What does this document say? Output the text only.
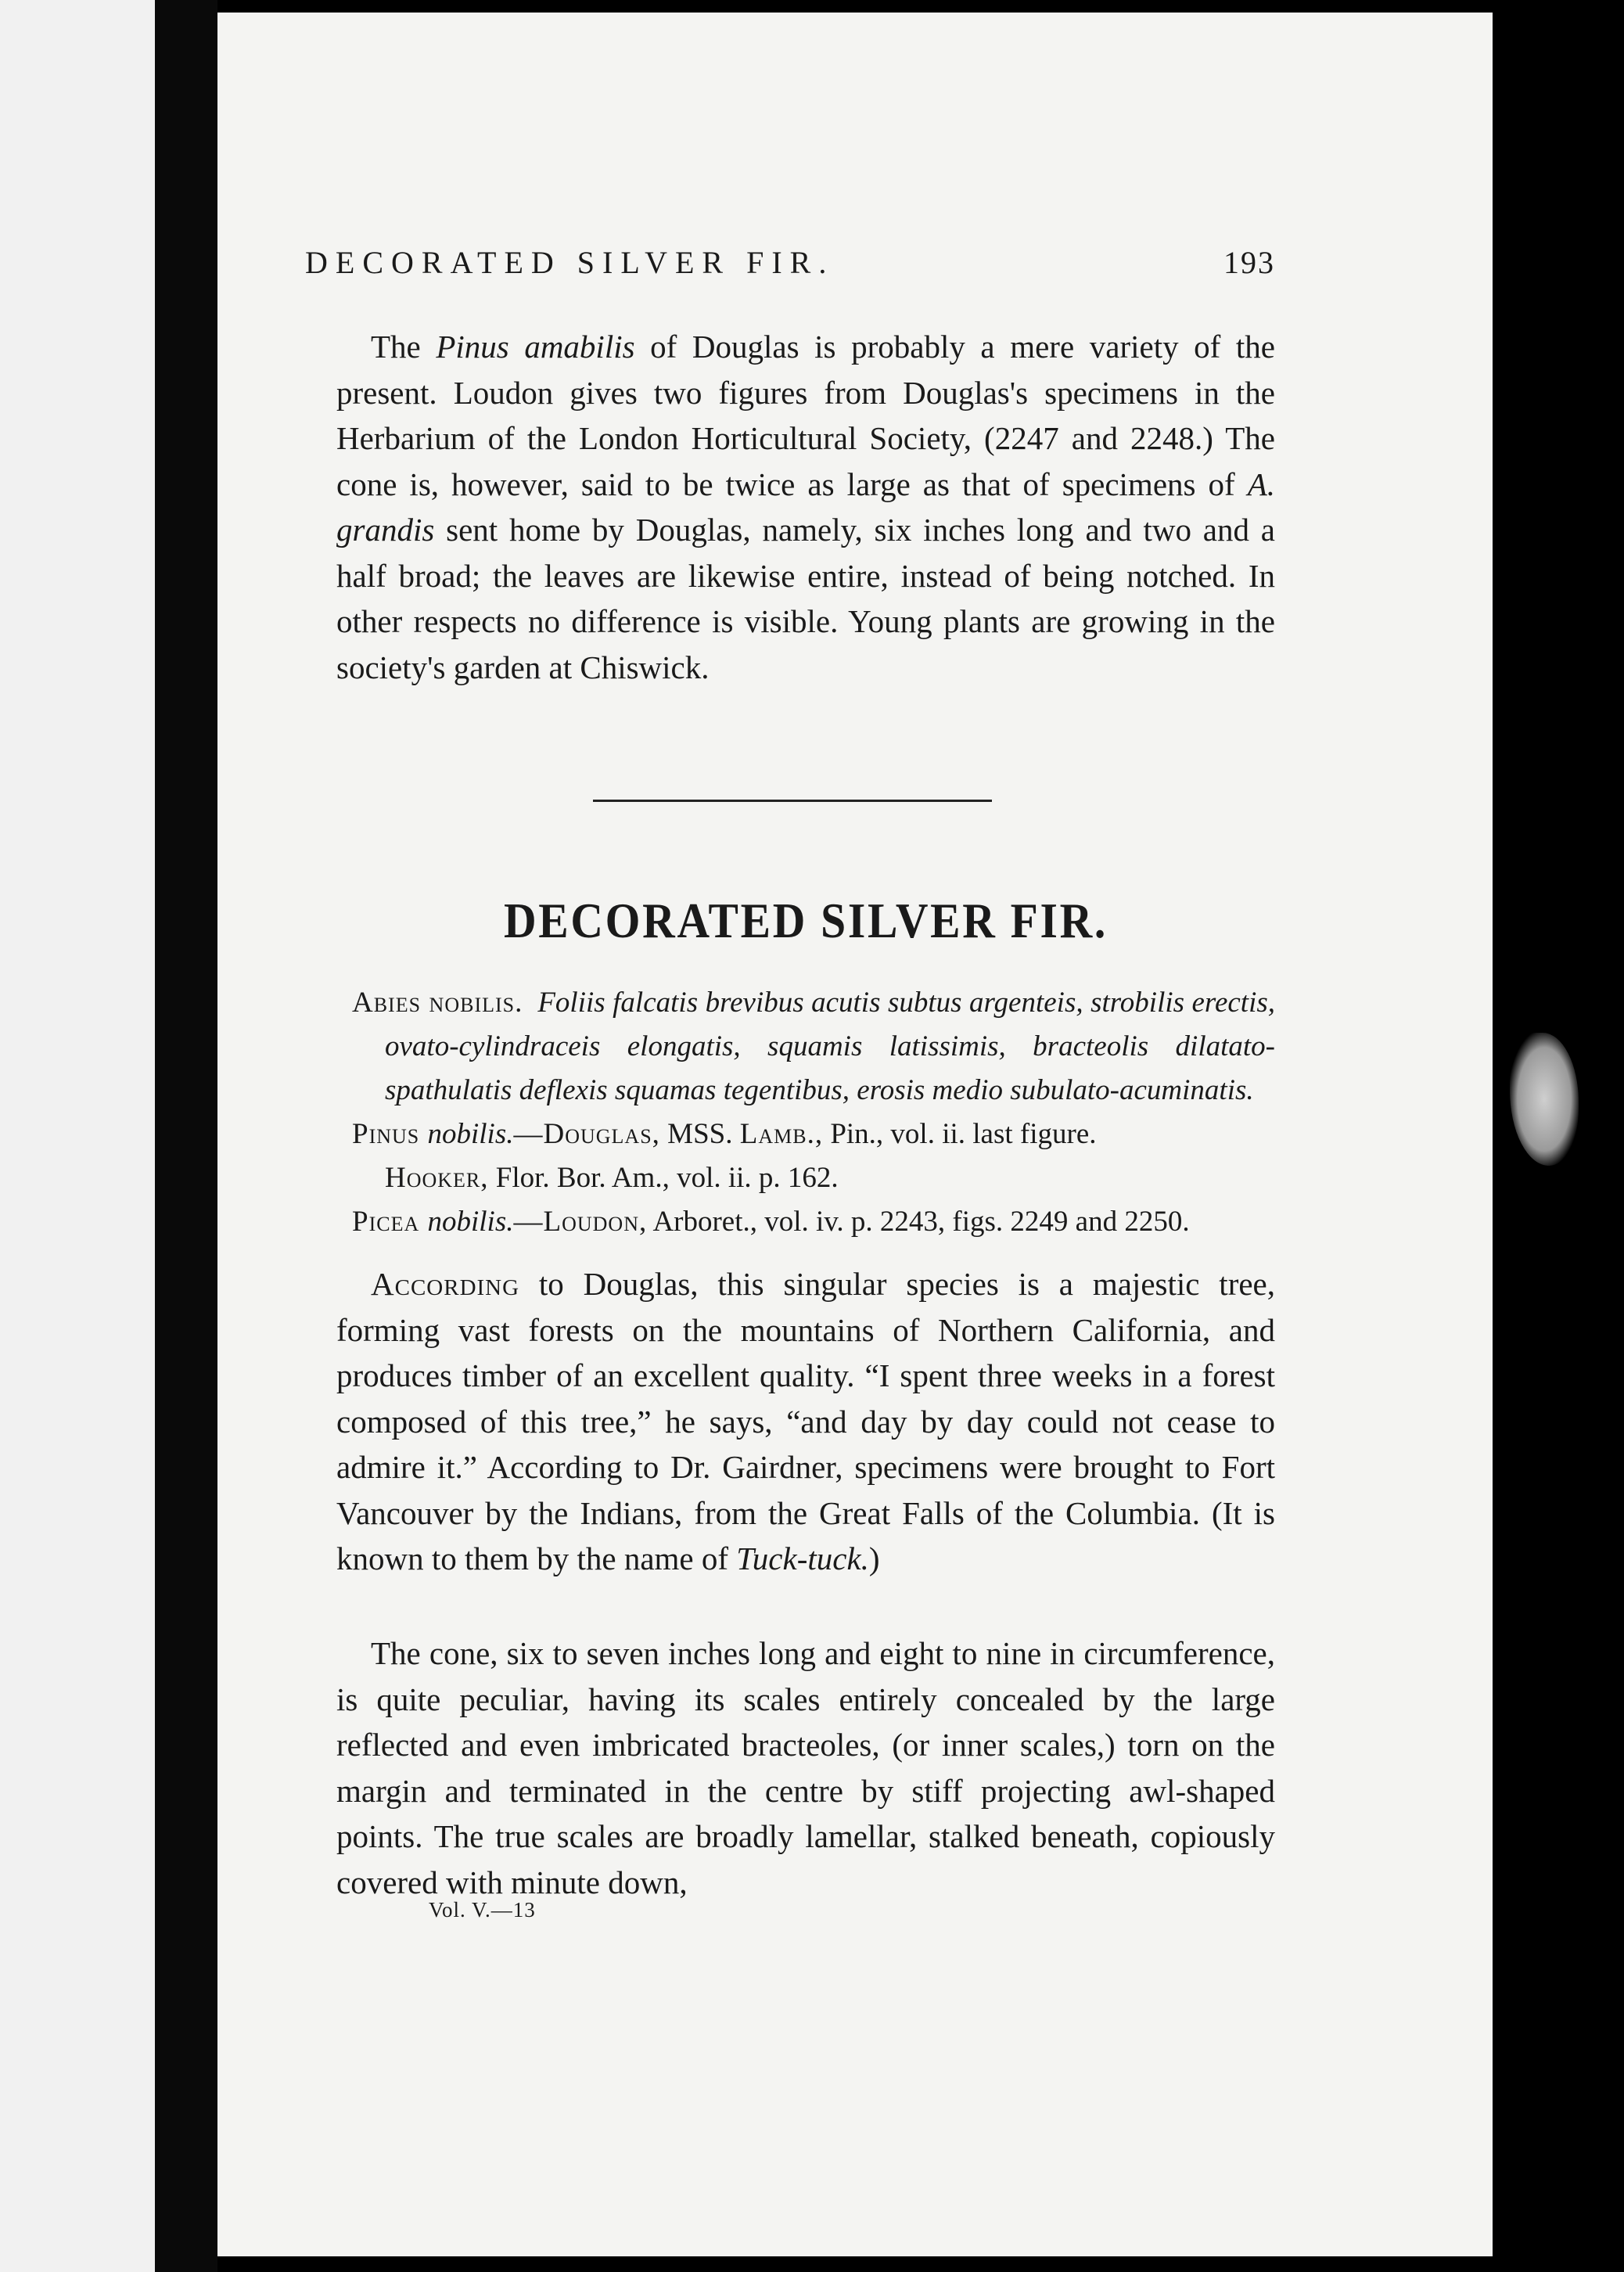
DECORATED SILVER FIR.	193
The Pinus amabilis of Douglas is probably a mere variety of the present. Loudon gives two figures from Douglas's specimens in the Herbarium of the London Horticultural Society, (2247 and 2248.) The cone is, however, said to be twice as large as that of specimens of A. grandis sent home by Douglas, namely, six inches long and two and a half broad; the leaves are likewise entire, instead of being notched. In other respects no difference is visible. Young plants are growing in the society's garden at Chiswick.
DECORATED SILVER FIR.
Abies nobilis. Foliis falcatis brevibus acutis subtus argenteis, strobilis erectis, ovato-cylindraceis elongatis, squamis latissimis, bracteolis dilatato-spathulatis deflexis squamas tegentibus, erosis medio subulato-acuminatis.
Pinus nobilis.—Douglas, MSS. Lamb., Pin., vol. ii. last figure.
Hooker, Flor. Bor. Am., vol. ii. p. 162.
Picea nobilis.—Loudon, Arboret., vol. iv. p. 2243, figs. 2249 and 2250.
According to Douglas, this singular species is a majestic tree, forming vast forests on the mountains of Northern California, and produces timber of an excellent quality. “I spent three weeks in a forest composed of this tree,” he says, “and day by day could not cease to admire it.” According to Dr. Gairdner, specimens were brought to Fort Vancouver by the Indians, from the Great Falls of the Columbia. (It is known to them by the name of Tuck-tuck.)
The cone, six to seven inches long and eight to nine in circumference, is quite peculiar, having its scales entirely concealed by the large reflected and even imbricated bracteoles, (or inner scales,) torn on the margin and terminated in the centre by stiff projecting awl-shaped points. The true scales are broadly lamellar, stalked beneath, copiously covered with minute down,
Vol. V.—13
